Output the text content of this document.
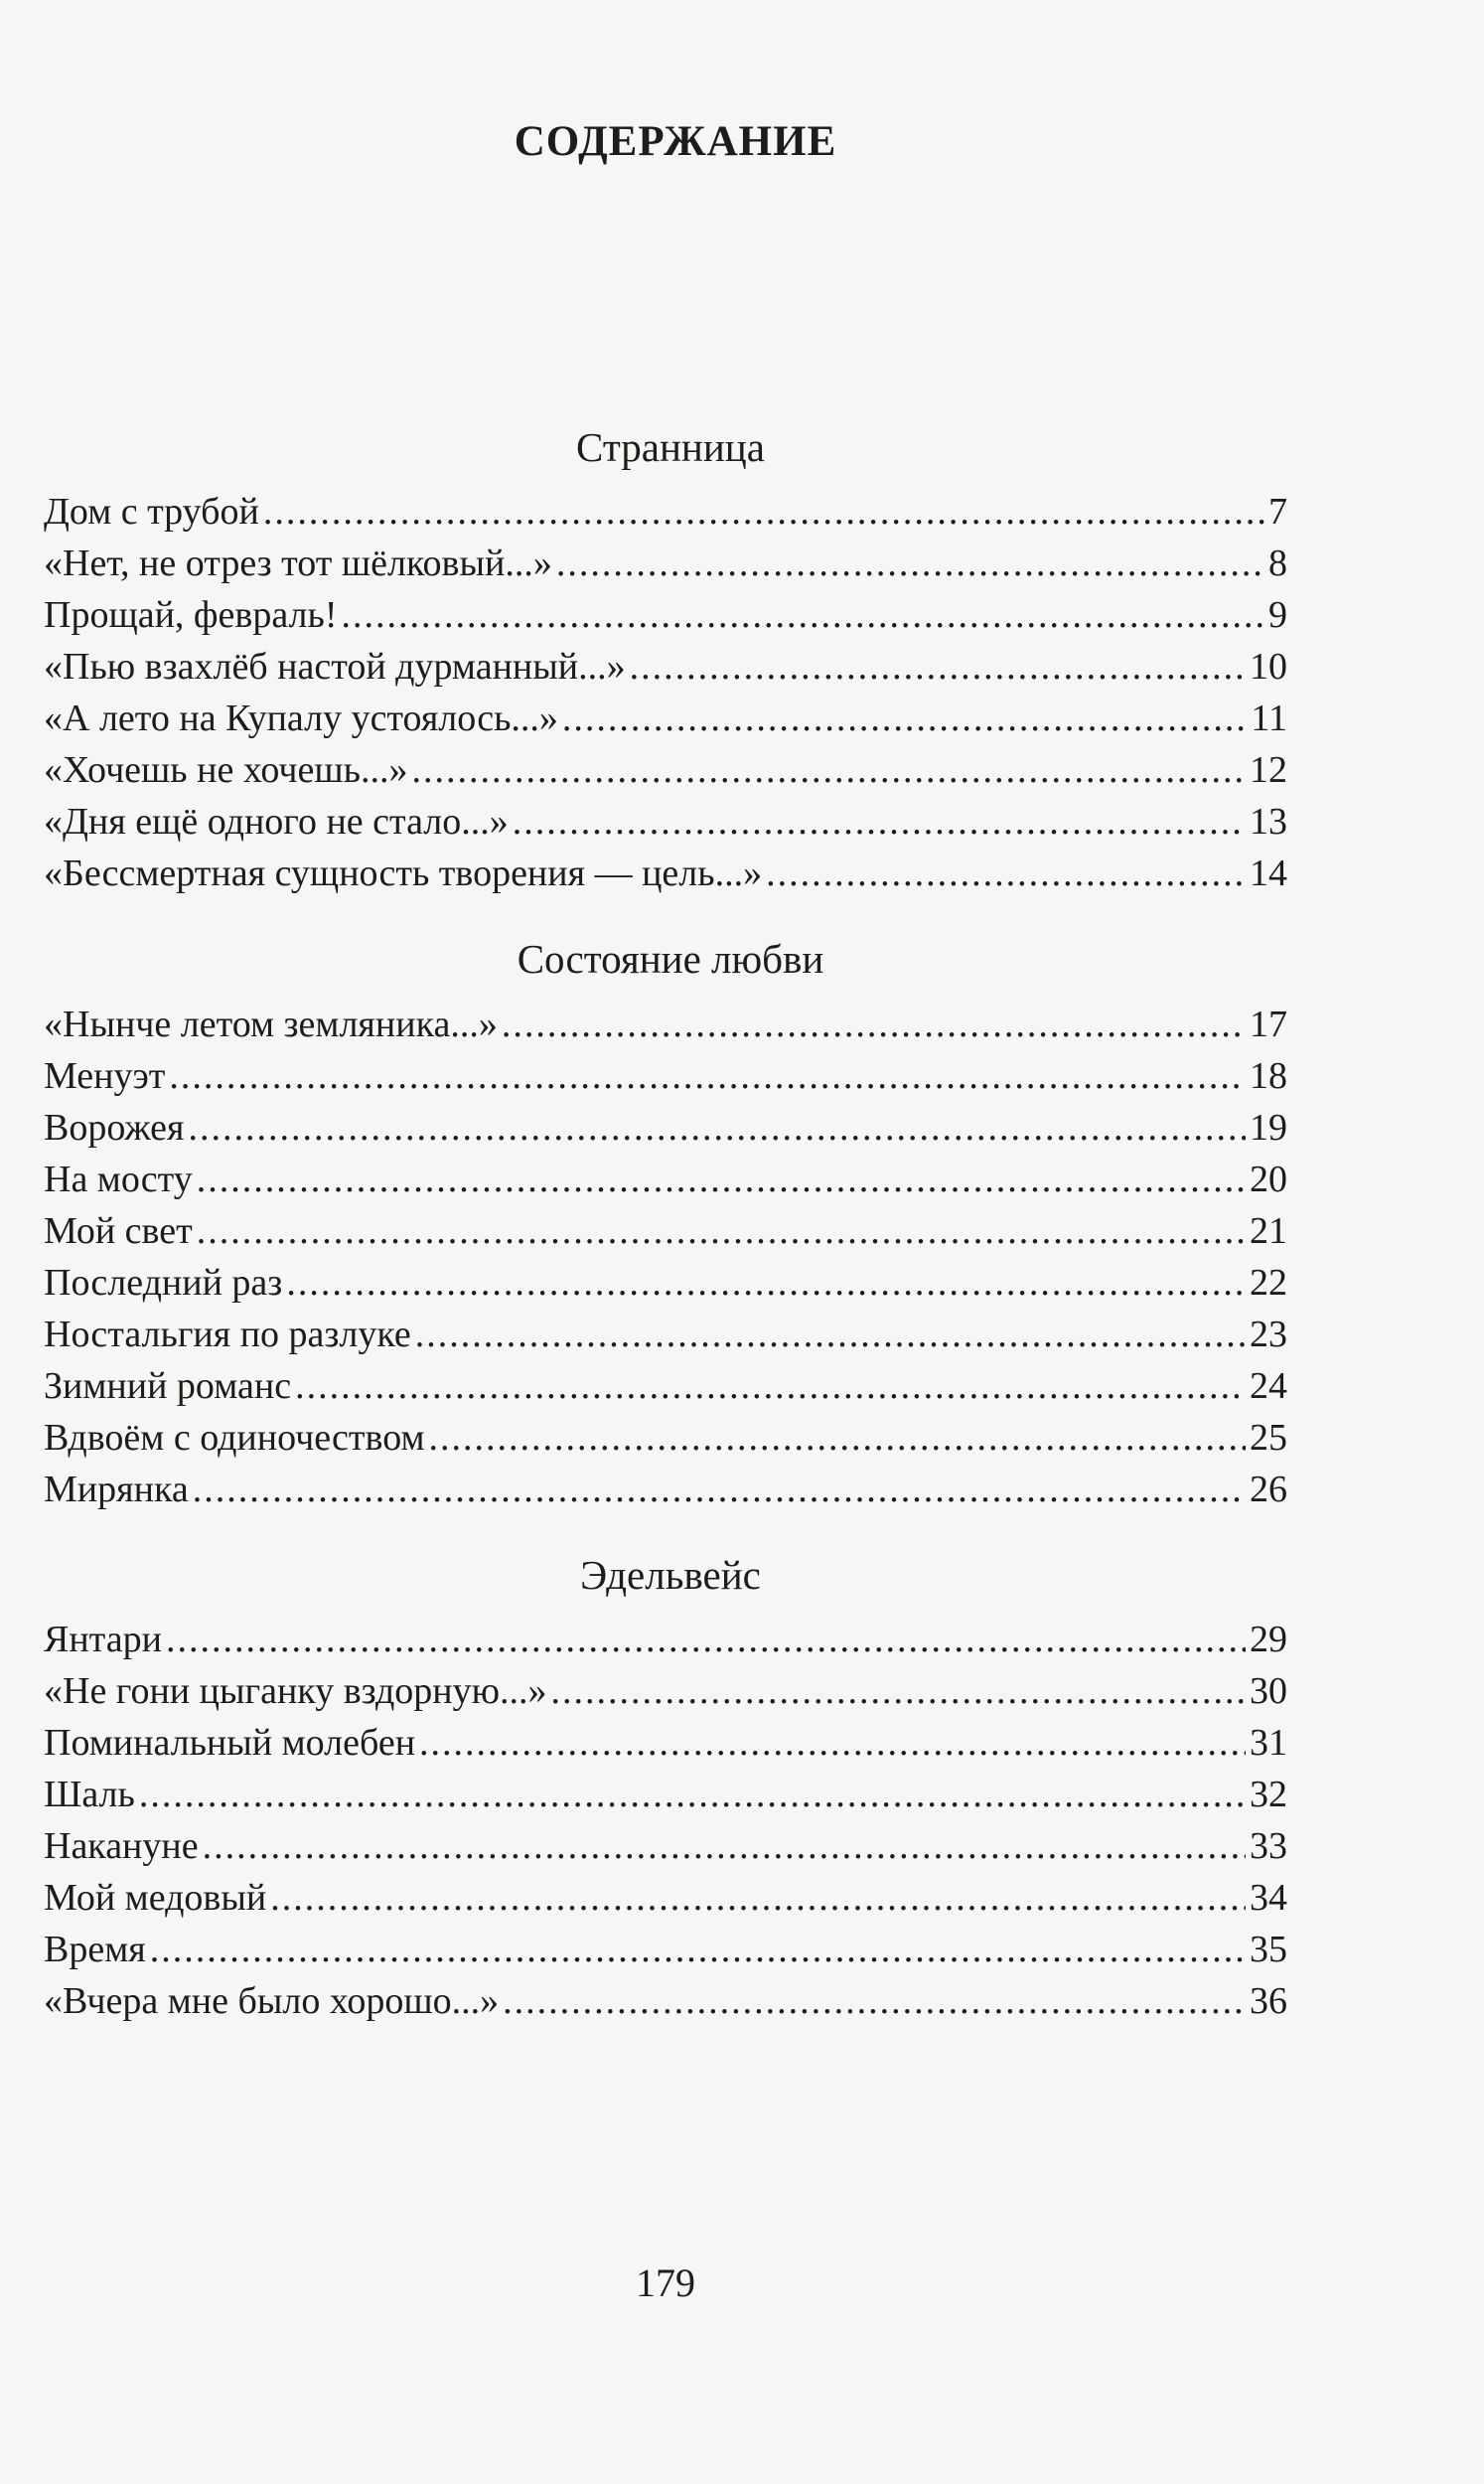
СОДЕРЖАНИЕ
Странница
Дом с трубой .....	7
«Нет, не отрез тот шёлковый...» .....	8
Прощай, февраль! .....	9
«Пью взахлёб настой дурманный...» .....	10
«А лето на Купалу устоялось...» .....	11
«Хочешь не хочешь...» .....	12
«Дня ещё одного не стало...» .....	13
«Бессмертная сущность творения — цель...» .....	14
Состояние любви
«Нынче летом земляника...» .....	17
Менуэт .....	18
Ворожея .....	19
На мосту .....	20
Мой свет .....	21
Последний раз .....	22
Ностальгия по разлуке .....	23
Зимний романс .....	24
Вдвоём с одиночеством .....	25
Мирянка .....	26
Эдельвейс
Янтари .....	29
«Не гони цыганку вздорную...» .....	30
Поминальный молебен .....	31
Шаль .....	32
Накануне .....	33
Мой медовый .....	34
Время .....	35
«Вчера мне было хорошо...» .....	36
179
